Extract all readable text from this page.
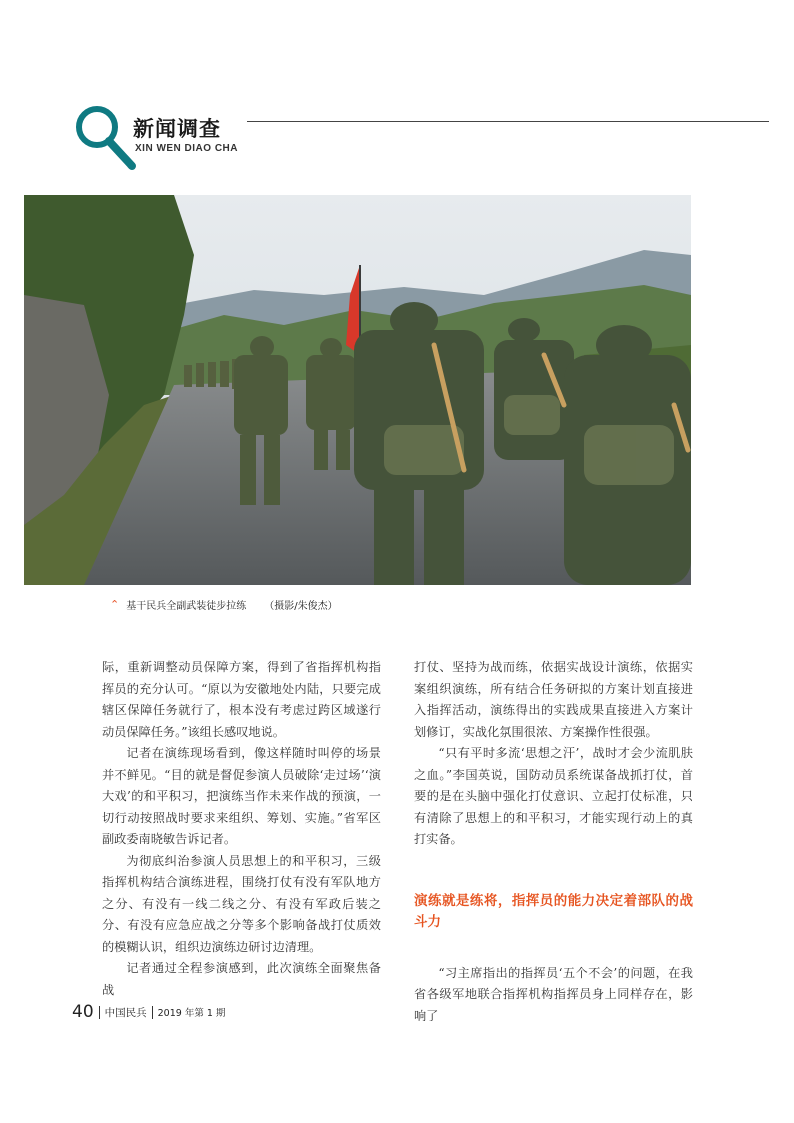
新闻调查
XIN WEN DIAO CHA
⌃ 基干民兵全副武装徒步拉练 （摄影/朱俊杰）

际，重新调整动员保障方案，得到了省指挥机构指挥员的充分认可。“原以为安徽地处内陆，只要完成辖区保障任务就行了，根本没有考虑过跨区域遂行动员保障任务。”该组长感叹地说。

记者在演练现场看到，像这样随时叫停的场景并不鲜见。“目的就是督促参演人员破除‘走过场’‘演大戏’的和平积习，把演练当作未来作战的预演，一切行动按照战时要求来组织、筹划、实施。”省军区副政委南晓敏告诉记者。

为彻底纠治参演人员思想上的和平积习，三级指挥机构结合演练进程，围绕打仗有没有军队地方之分、有没有一线二线之分、有没有军政后装之分、有没有应急应战之分等多个影响备战打仗质效的模糊认识，组织边演练边研讨边清理。

记者通过全程参演感到，此次演练全面聚焦备战

打仗、坚持为战而练，依据实战设计演练，依据实案组织演练，所有结合任务研拟的方案计划直接进入指挥活动，演练得出的实践成果直接进入方案计划修订，实战化氛围很浓、方案操作性很强。

“只有平时多流‘思想之汗’，战时才会少流肌肤之血。”李国英说，国防动员系统谋备战抓打仗，首要的是在头脑中强化打仗意识、立起打仗标准，只有清除了思想上的和平积习，才能实现行动上的真打实备。

演练就是练将，指挥员的能力决定着部队的战斗力

“习主席指出的指挥员‘五个不会’的问题，在我省各级军地联合指挥机构指挥员身上同样存在，影响了

40 中国民兵 2019 年第 1 期
